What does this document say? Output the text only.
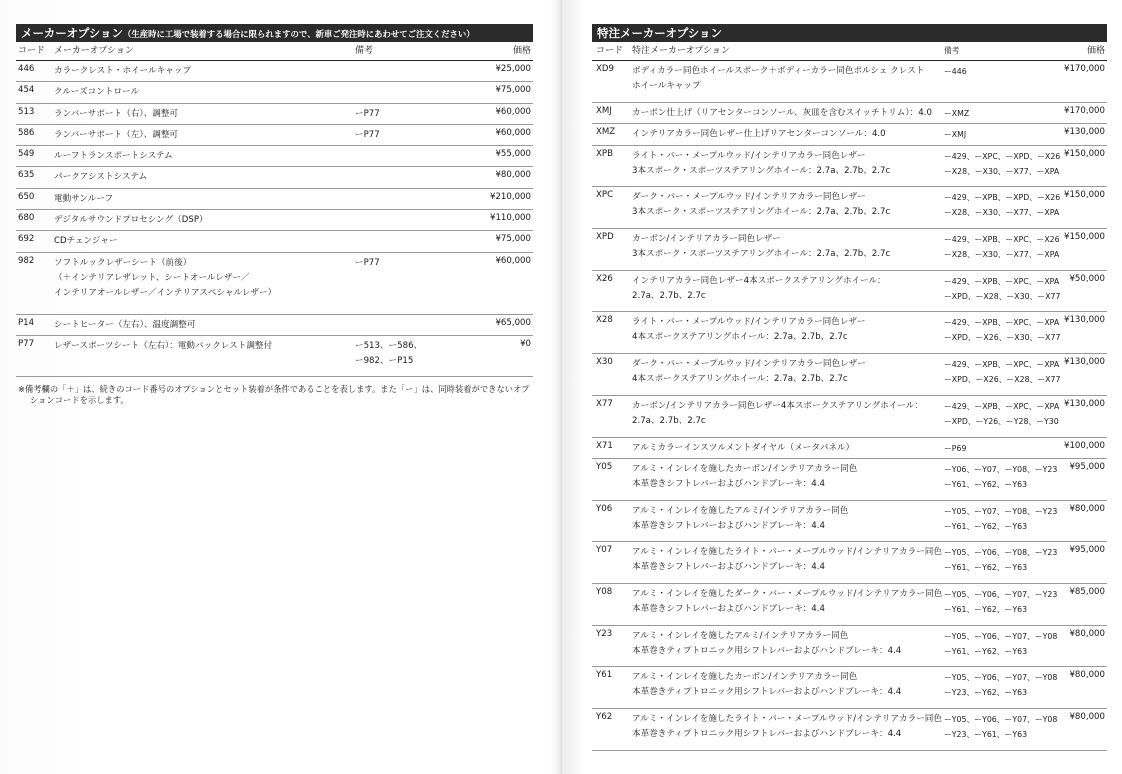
メーカーオプション（生産時に工場で装着する場合に限られますので、新車ご発注時にあわせてご注文ください）
コード メーカーオプション	備考	価格
446 カラークレスト・ホイールキャップ	¥25,000
454 クルーズコントロール	¥75,000
513 ランバーサポート（右）、調整可	ーP77	¥60,000
586 ランバーサポート（左）、調整可	ーP77	¥60,000
549 ルーフトランスポートシステム	¥55,000
635 パークアシストシステム	¥80,000
650 電動サンルーフ	¥210,000
680 デジタルサウンドプロセシング（DSP）	¥110,000
692 CDチェンジャー	¥75,000
982 ソフトルックレザーシート（前後）
（＋インテリアレザレット、シートオールレザー／
インテリアオールレザー／インテリアスペシャルレザー）
ーP77	¥60,000
P14 シートヒーター（左右）、温度調整可	¥65,000
P77 レザースポーツシート（左右）：電動バックレスト調整付	ー513、ー586、
ー982、ーP15
¥0
※備考欄の「＋」は、続きのコード番号のオプションとセット装着が条件であることを表します。また「ー」は、同時装着ができないオプションコードを示します。
特注メーカーオプション
コード 特注メーカーオプション	備考	価格
XD9 ボディカラー同色ホイールスポーク＋ボディーカラー同色ポルシェ クレスト
ホイールキャップ
ー446	¥170,000
XMJ カーボン仕上げ（リアセンターコンソール、灰皿を含むスイッチトリム）：4.0 ーXMZ	¥170,000
XMZ インテリアカラー同色レザー仕上げリアセンターコンソール：4.0	ーXMJ	¥130,000
XPB ライト・バー・メープルウッド/インテリアカラー同色レザー
3本スポーク・スポーツステアリングホイール：2.7a、2.7b、2.7c
ー429、ーXPC、ーXPD、ーX26
ーX28、ーX30、ーX77、ーXPA
¥150,000
XPC ダーク・バー・メープルウッド/インテリアカラー同色レザー
3本スポーク・スポーツステアリングホイール：2.7a、2.7b、2.7c
ー429、ーXPB、ーXPD、ーX26
ーX28、ーX30、ーX77、ーXPA
¥150,000
XPD カーボン/インテリアカラー同色レザー
3本スポーク・スポーツステアリングホイール：2.7a、2.7b、2.7c
ー429、ーXPB、ーXPC、ーX26
ーX28、ーX30、ーX77、ーXPA
¥150,000
X26 インテリアカラー同色レザー4本スポークステアリングホイール：
2.7a、2.7b、2.7c
ー429、ーXPB、ーXPC、ーXPA
ーXPD、ーX28、ーX30、ーX77
¥50,000
X28 ライト・バー・メープルウッド/インテリアカラー同色レザー
4本スポークステアリングホイール：2.7a、2.7b、2.7c
ー429、ーXPB、ーXPC、ーXPA
ーXPD、ーX26、ーX30、ーX77
¥130,000
X30 ダーク・バー・メープルウッド/インテリアカラー同色レザー
4本スポークステアリングホイール：2.7a、2.7b、2.7c
ー429、ーXPB、ーXPC、ーXPA
ーXPD、ーX26、ーX28、ーX77
¥130,000
X77 カーボン/インテリアカラー同色レザー4本スポークステアリングホイール：
2.7a、2.7b、2.7c
ー429、ーXPB、ーXPC、ーXPA
ーXPD、ーY26、ーY28、ーY30
¥130,000
X71 アルミカラーインスツルメントダイヤル（メータパネル）	ーP69	¥100,000
Y05 アルミ・インレイを施したカーボン/インテリアカラー同色
本革巻きシフトレバーおよびハンドブレーキ：4.4
ーY06、ーY07、ーY08、ーY23
ーY61、ーY62、ーY63
¥95,000
Y06 アルミ・インレイを施したアルミ/インテリアカラー同色
本革巻きシフトレバーおよびハンドブレーキ：4.4
ーY05、ーY07、ーY08、ーY23
ーY61、ーY62、ーY63
¥80,000
Y07 アルミ・インレイを施したライト・バー・メープルウッド/インテリアカラー同色
本革巻きシフトレバーおよびハンドブレーキ：4.4
ーY05、ーY06、ーY08、ーY23
ーY61、ーY62、ーY63
¥95,000
Y08 アルミ・インレイを施したダーク・バー・メープルウッド/インテリアカラー同色
本革巻きシフトレバーおよびハンドブレーキ：4.4
ーY05、ーY06、ーY07、ーY23
ーY61、ーY62、ーY63
¥85,000
Y23 アルミ・インレイを施したアルミ/インテリアカラー同色
本革巻きティプトロニック用シフトレバーおよびハンドブレーキ：4.4
ーY05、ーY06、ーY07、ーY08
ーY61、ーY62、ーY63
¥80,000
Y61 アルミ・インレイを施したカーボン/インテリアカラー同色
本革巻きティプトロニック用シフトレバーおよびハンドブレーキ：4.4
ーY05、ーY06、ーY07、ーY08
ーY23、ーY62、ーY63
¥80,000
Y62 アルミ・インレイを施したライト・バー・メープルウッド/インテリアカラー同色
本革巻きティプトロニック用シフトレバーおよびハンドブレーキ：4.4
ーY05、ーY06、ーY07、ーY08
ーY23、ーY61、ーY63
¥80,000
